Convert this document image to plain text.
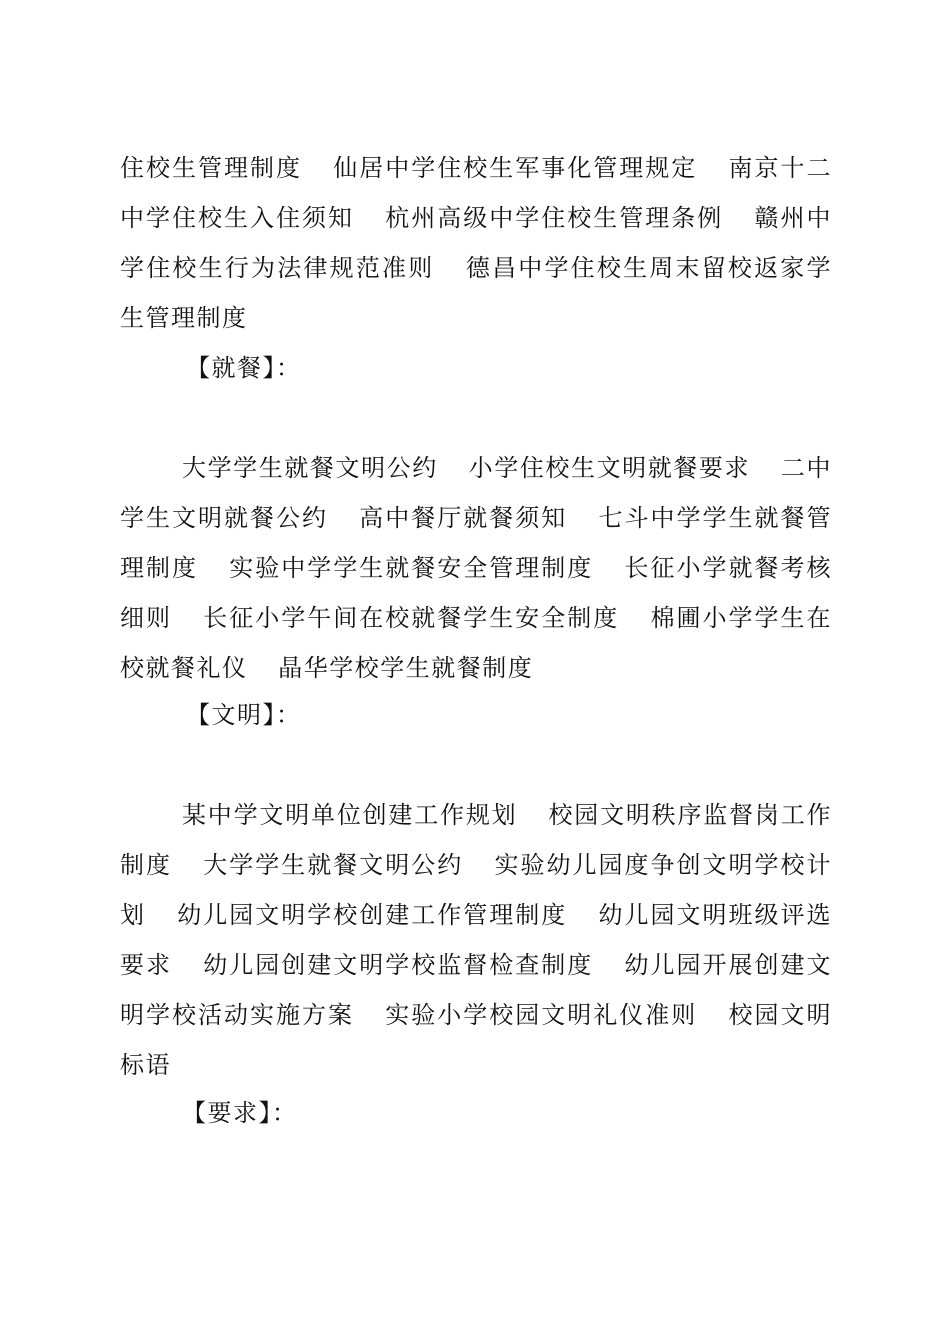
住校生管理制度 仙居中学住校生军事化管理规定 南京十二中学住校生入住须知 杭州高级中学住校生管理条例 赣州中学住校生行为法律规范准则 德昌中学住校生周末留校返家学生管理制度
【就餐】：
大学学生就餐文明公约 小学住校生文明就餐要求 二中学生文明就餐公约 高中餐厅就餐须知 七斗中学学生就餐管理制度 实验中学学生就餐安全管理制度 长征小学就餐考核细则 长征小学午间在校就餐学生安全制度 棉圃小学学生在校就餐礼仪 晶华学校学生就餐制度
【文明】：
某中学文明单位创建工作规划 校园文明秩序监督岗工作制度 大学学生就餐文明公约 实验幼儿园度争创文明学校计划 幼儿园文明学校创建工作管理制度 幼儿园文明班级评选要求 幼儿园创建文明学校监督检查制度 幼儿园开展创建文明学校活动实施方案 实验小学校园文明礼仪准则 校园文明标语
【要求】：
